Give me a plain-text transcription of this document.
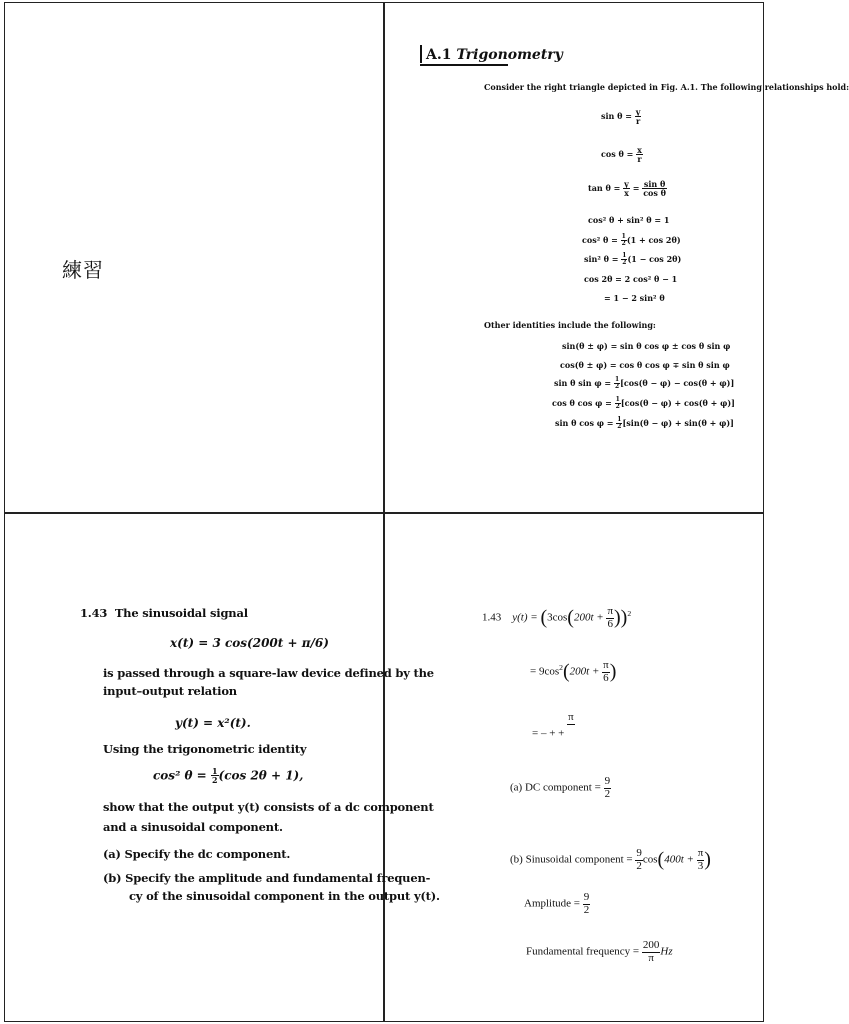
練習
A.1 Trigonometry
Consider the right triangle depicted in Fig. A.1. The following relationships hold:
$\sin \theta = \frac{y}{r}$
$\cos \theta = \frac{x}{r}$
$\tan \theta = \frac{y}{x} = \frac{\text{sin θ}}{\text{cos θ}}$
cos² θ + sin² θ = 1
cos² $\theta = \frac{1}{2} (1 + \cos 2\theta)$
sin² $\theta = \frac{1}{2} (1 - \cos 2\theta)$
cos 2θ = 2 cos² θ − 1
= 1 − 2 sin² θ
Other identities include the following:
sin(θ ± φ) = sin θ cos φ ± cos θ sin φ
cos(θ ± φ) = cos θ cos φ ∓ sin θ sin φ
sin θ $\sin \varphi = \frac{1}{2} [\cos(\theta - \varphi) - \cos(\theta + \varphi)]$
cos θ $\cos \varphi = \frac{1}{2} [\cos(\theta - \varphi) + \cos(\theta + \varphi)]$
sin θ $\cos \varphi = \frac{1}{2} [\sin(\theta - \varphi) + \sin(\theta + \varphi)]$
1.43 The sinusoidal signal
x(t) = 3 cos(200t + π/6)
is passed through a square-law device defined by the
input–output relation
y(t) = x²(t).
Using the trigonometric identity
cos² $\theta = \frac{1}{2} (\cos$ 2θ + 1),
show that the output y(t) consists of a dc component
and a sinusoidal component.
(a) Specify the dc component.
(b) Specify the amplitude and fundamental frequen-
cy of the sinusoidal component in the output y(t).
1.43 $y(t) = (3\cos(200t + \frac{\pi}{6} ))^2$
= $9\cos^2(200t + \frac{\pi}{6}$ )
= – + +
π

(a) DC component = $\frac{9}{2}$
(b) Sinusoidal component = $\frac{9}{2} \cos(400t + \frac{\pi}{3}$ )
Amplitude = $\frac{9}{2}$
Fundamental frequency = $\frac{200}{\pi}$ Hz
